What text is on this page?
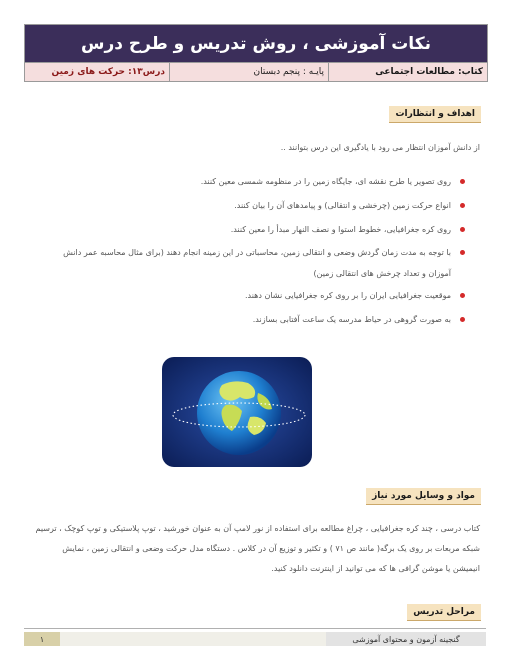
نکات آموزشی ، روش تدریس و طرح درس
کتاب: مطالعات اجتماعی
پایـه : پنجم دبستان
درس۱۳: حرکت های زمین
اهداف و انتظارات
از دانش آموزان انتظار می رود با یادگیری این درس بتوانند ..
روی تصویر یا طرح نقشه ای، جایگاه زمین را در منظومه شمسی معین کنند.
انواع حرکت زمین (چرخشی و انتقالی) و پیامدهای آن را بیان کنند.
روی کره جغرافیایی، خطوط استوا و نصف النهار مبدأ را معین کنند.
با توجه به مدت زمان گردش وضعی و انتقالی زمین، محاسباتی در این زمینه انجام دهند (برای مثال محاسبه عمر دانش آموزان و تعداد چرخش های انتقالی زمین)
موقعیت جغرافیایی ایران را بر روی کره جغرافیایی نشان دهند.
به صورت گروهی در حیاط مدرسه یک ساعت آفتابی بسازند.
مواد و وسایل مورد نیاز
کتاب درسی ، چند کره جغرافیایی ، چراغ مطالعه برای استفاده از نور لامپ آن به عنوان خورشید ، توپ پلاستیکی و توپ کوچک ، ترسیم
شبکه مربعات بر روی یک برگه( مانند ص ۷۱ ) و تکثیر و توزیع آن در کلاس . دستگاه مدل حرکت وضعی و انتقالی زمین ، نمایش
انیمیشن یا موشن گرافی ها که می توانید از اینترنت دانلود کنید.
مراحل تدریس
گنجینه آزمون و محتوای آموزشی
۱
